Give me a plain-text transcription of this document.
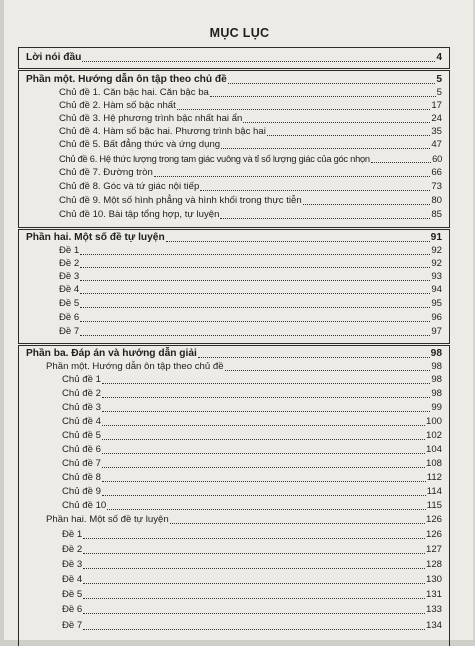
MỤC LỤC
Lời nói đầu	4
Phần một. Hướng dẫn ôn tập theo chủ đề	5
Chủ đề 1. Căn bậc hai. Căn bậc ba	5
Chủ đề 2. Hàm số bậc nhất	17
Chủ đề 3. Hệ phương trình bậc nhất hai ẩn	24
Chủ đề 4. Hàm số bậc hai. Phương trình bậc hai	35
Chủ đề 5. Bất đẳng thức và ứng dụng	47
Chủ đề 6. Hệ thức lượng trong tam giác vuông và tỉ số lượng giác của góc nhọn	60
Chủ đề 7. Đường tròn	66
Chủ đề 8. Góc và tứ giác nội tiếp	73
Chủ đề 9. Một số hình phẳng và hình khối trong thực tiễn	80
Chủ đề 10. Bài tập tổng hợp, tự luyện	85
Phần hai. Một số đề tự luyện	91
Đề 1	92
Đề 2	92
Đề 3	93
Đề 4	94
Đề 5	95
Đề 6	96
Đề 7	97
Phần ba. Đáp án và hướng dẫn giải	98
Phần một. Hướng dẫn ôn tập theo chủ đề	98
Chủ đề 1	98
Chủ đề 2	98
Chủ đề 3	99
Chủ đề 4	100
Chủ đề 5	102
Chủ đề 6	104
Chủ đề 7	108
Chủ đề 8	112
Chủ đề 9	114
Chủ đề 10	115
Phần hai. Một số đề tự luyện	126
Đề 1	126
Đề 2	127
Đề 3	128
Đề 4	130
Đề 5	131
Đề 6	133
Đề 7	134
